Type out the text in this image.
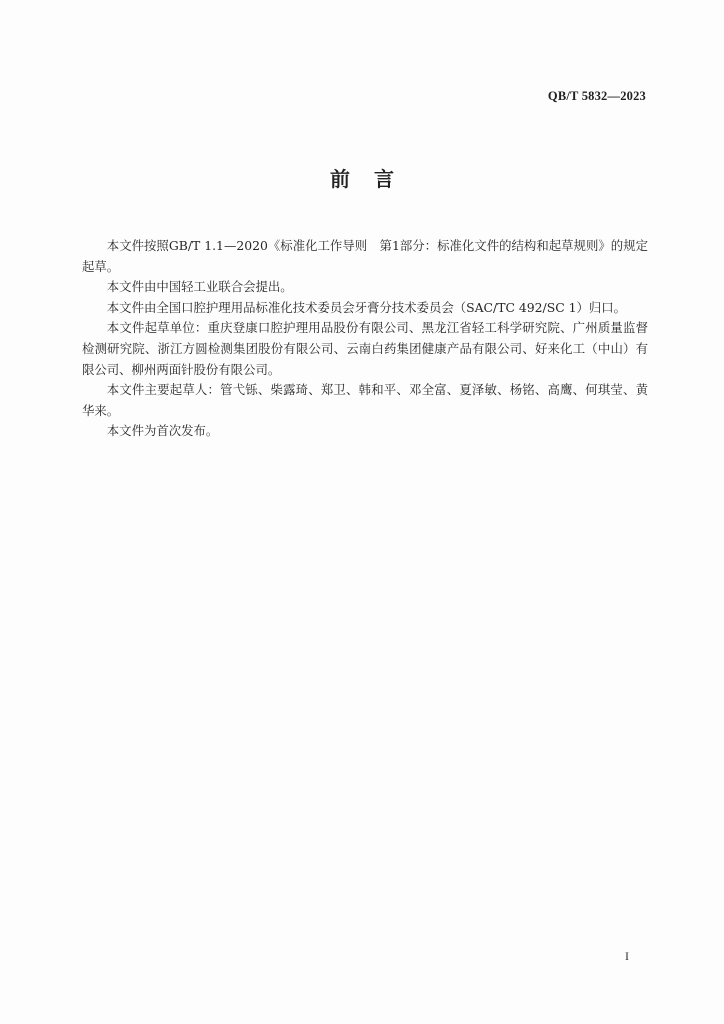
QB/T 5832—2023
前言

本文件按照GB/T 1.1—2020《标准化工作导则　第1部分：标准化文件的结构和起草规则》的规定起草。

本文件由中国轻工业联合会提出。

本文件由全国口腔护理用品标准化技术委员会牙膏分技术委员会（SAC/TC 492/SC 1）归口。

本文件起草单位：重庆登康口腔护理用品股份有限公司、黑龙江省轻工科学研究院、广州质量监督检测研究院、浙江方圆检测集团股份有限公司、云南白药集团健康产品有限公司、好来化工（中山）有限公司、柳州两面针股份有限公司。

本文件主要起草人：管弋铄、柴露琦、郑卫、韩和平、邓全富、夏泽敏、杨铭、高鹰、何琪莹、黄华来。

本文件为首次发布。

I
